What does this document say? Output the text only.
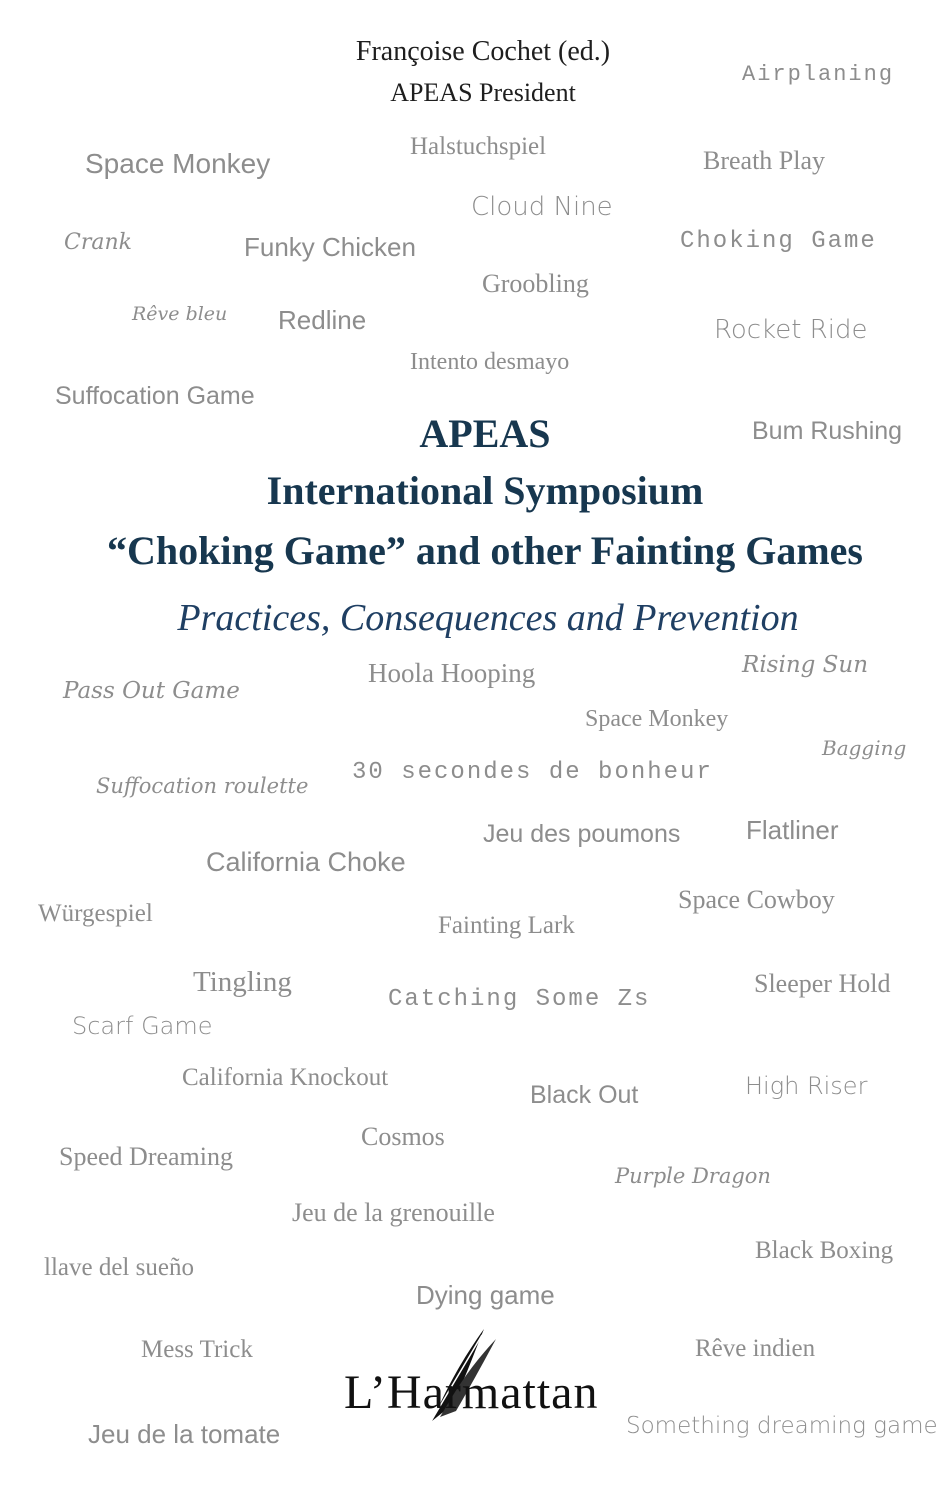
Françoise Cochet (ed.)
APEAS President
APEAS
International Symposium
“Choking Game” and other Fainting Games
Practices, Consequences and Prevention
Airplaning
Halstuchspiel
Space Monkey	Breath Play
Cloud Nine
Crank	Funky Chicken	Choking Game
Groobling
Rêve bleu Redline	Rocket Ride
Intento desmayo
Suffocation Game
Bum Rushing
Hoola Hooping	Rising Sun
Pass Out Game
Space Monkey
Bagging
Suffocation roulette 30 secondes de bonheur
Jeu des poumons	Flatliner
California Choke
Space Cowboy
Würgespiel	Fainting Lark
Tingling
Catching Some Zs
Sleeper Hold
Scarf Game
California Knockout
Black Out	High Riser
Cosmos
Speed Dreaming
Purple Dragon
Jeu de la grenouille
Black Boxing
llave del sueño
Dying game
Mess Trick	Rêve indien
Jeu de la tomate	Something dreaming game
L’Harmattan
